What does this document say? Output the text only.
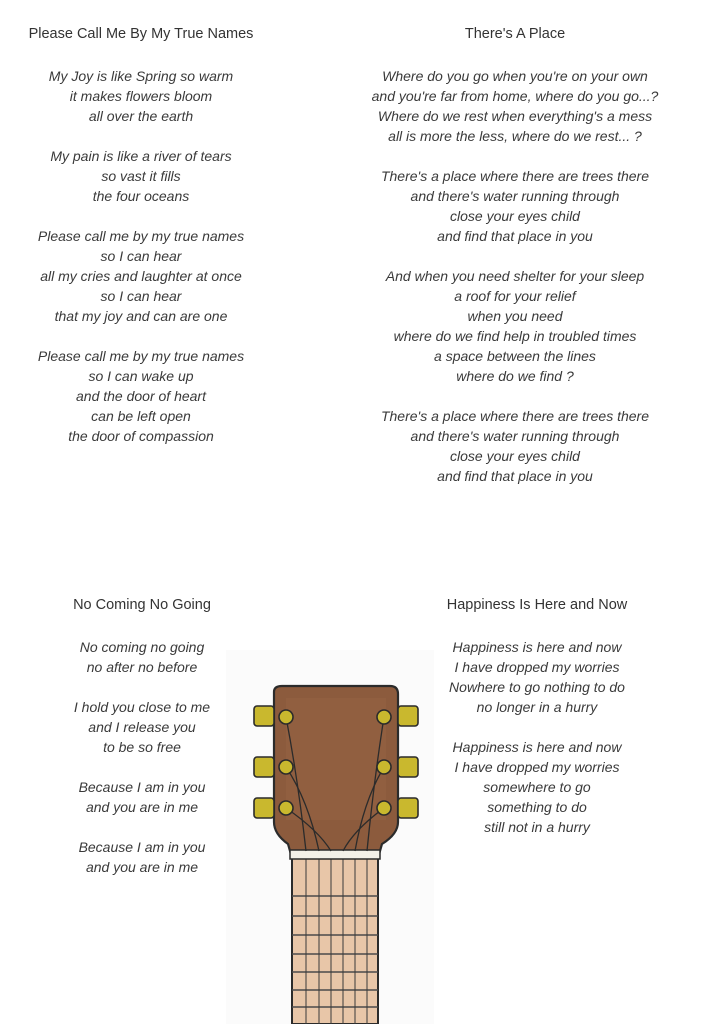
Please Call Me By My True Names
My Joy is like Spring so warm
it makes flowers bloom
all over the earth
My pain is like a river of tears
so vast it fills
the four oceans
Please call me by my true names
so I can hear
all my cries and laughter at once
so I can hear
that my joy and can are one
Please call me by my true names
so I can wake up
and the door of heart
can be left open
the door of compassion
There's A Place
Where do you go when you're on your own
and you're far from home, where do you go...?
Where do we rest when everything's a mess
all is more the less, where do we rest... ?
There's a place where there are trees there
and there's water running through
close your eyes child
and find that place in you
And when you need shelter for your sleep
a roof for your relief
when you need
where do we find help in troubled times
a space between the lines
where do we find ?
There's a place where there are trees there
and there's water running through
close your eyes child
and find that place in you
No Coming No Going
No coming no going
no after no before
I hold you close to me
and I release you
to be so free
Because I am in you
and you are in me
Because I am in you
and you are in me
Happiness Is Here and Now
Happiness is here and now
I have dropped my worries
Nowhere to go nothing to do
no longer in a hurry
Happiness is here and now
I have dropped my worries
somewhere to go
something to do
still not in a hurry
